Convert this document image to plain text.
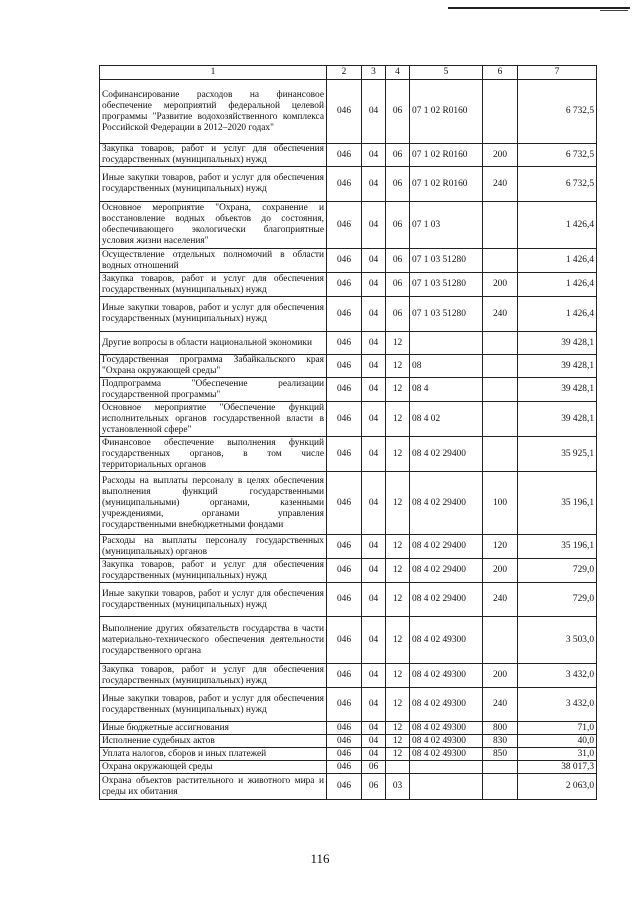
1	2	3	4	5	6	7
Софинансирование расходов на финансовое обеспечение мероприятий федеральной целевой программы "Развитие водохозяйственного комплекса Российской Федерации в 2012–2020 годах"	046	04	06	07 1 02 R0160		6 732,5
Закупка товаров, работ и услуг для обеспечения государственных (муниципальных) нужд	046	04	06	07 1 02 R0160	200	6 732,5
Иные закупки товаров, работ и услуг для обеспечения государственных (муниципальных) нужд	046	04	06	07 1 02 R0160	240	6 732,5
Основное мероприятие "Охрана, сохранение и восстановление водных объектов до состояния, обеспечивающего экологически благоприятные условия жизни населения"	046	04	06	07 1 03		1 426,4
Осуществление отдельных полномочий в области водных отношений	046	04	06	07 1 03 51280		1 426,4
Закупка товаров, работ и услуг для обеспечения государственных (муниципальных) нужд	046	04	06	07 1 03 51280	200	1 426,4
Иные закупки товаров, работ и услуг для обеспечения государственных (муниципальных) нужд	046	04	06	07 1 03 51280	240	1 426,4
Другие вопросы в области национальной экономики	046	04	12			39 428,1
Государственная программа Забайкальского края "Охрана окружающей среды"	046	04	12	08		39 428,1
Подпрограмма "Обеспечение реализации государственной программы"	046	04	12	08 4		39 428,1
Основное мероприятие "Обеспечение функций исполнительных органов государственной власти в установленной сфере"	046	04	12	08 4 02		39 428,1
Финансовое обеспечение выполнения функций государственных органов, в том числе территориальных органов	046	04	12	08 4 02 29400		35 925,1
Расходы на выплаты персоналу в целях обеспечения выполнения функций государственными (муниципальными) органами, казенными учреждениями, органами управления государственными внебюджетными фондами	046	04	12	08 4 02 29400	100	35 196,1
Расходы на выплаты персоналу государственных (муниципальных) органов	046	04	12	08 4 02 29400	120	35 196,1
Закупка товаров, работ и услуг для обеспечения государственных (муниципальных) нужд	046	04	12	08 4 02 29400	200	729,0
Иные закупки товаров, работ и услуг для обеспечения государственных (муниципальных) нужд	046	04	12	08 4 02 29400	240	729,0
Выполнение других обязательств государства в части материально-технического обеспечения деятельности государственного органа	046	04	12	08 4 02 49300		3 503,0
Закупка товаров, работ и услуг для обеспечения государственных (муниципальных) нужд	046	04	12	08 4 02 49300	200	3 432,0
Иные закупки товаров, работ и услуг для обеспечения государственных (муниципальных) нужд	046	04	12	08 4 02 49300	240	3 432,0
Иные бюджетные ассигнования	046	04	12	08 4 02 49300	800	71,0
Исполнение судебных актов	046	04	12	08 4 02 49300	830	40,0
Уплата налогов, сборов и иных платежей	046	04	12	08 4 02 49300	850	31,0
Охрана окружающей среды	046	06				38 017,3
Охрана объектов растительного и животного мира и среды их обитания	046	06	03			2 063,0
116
